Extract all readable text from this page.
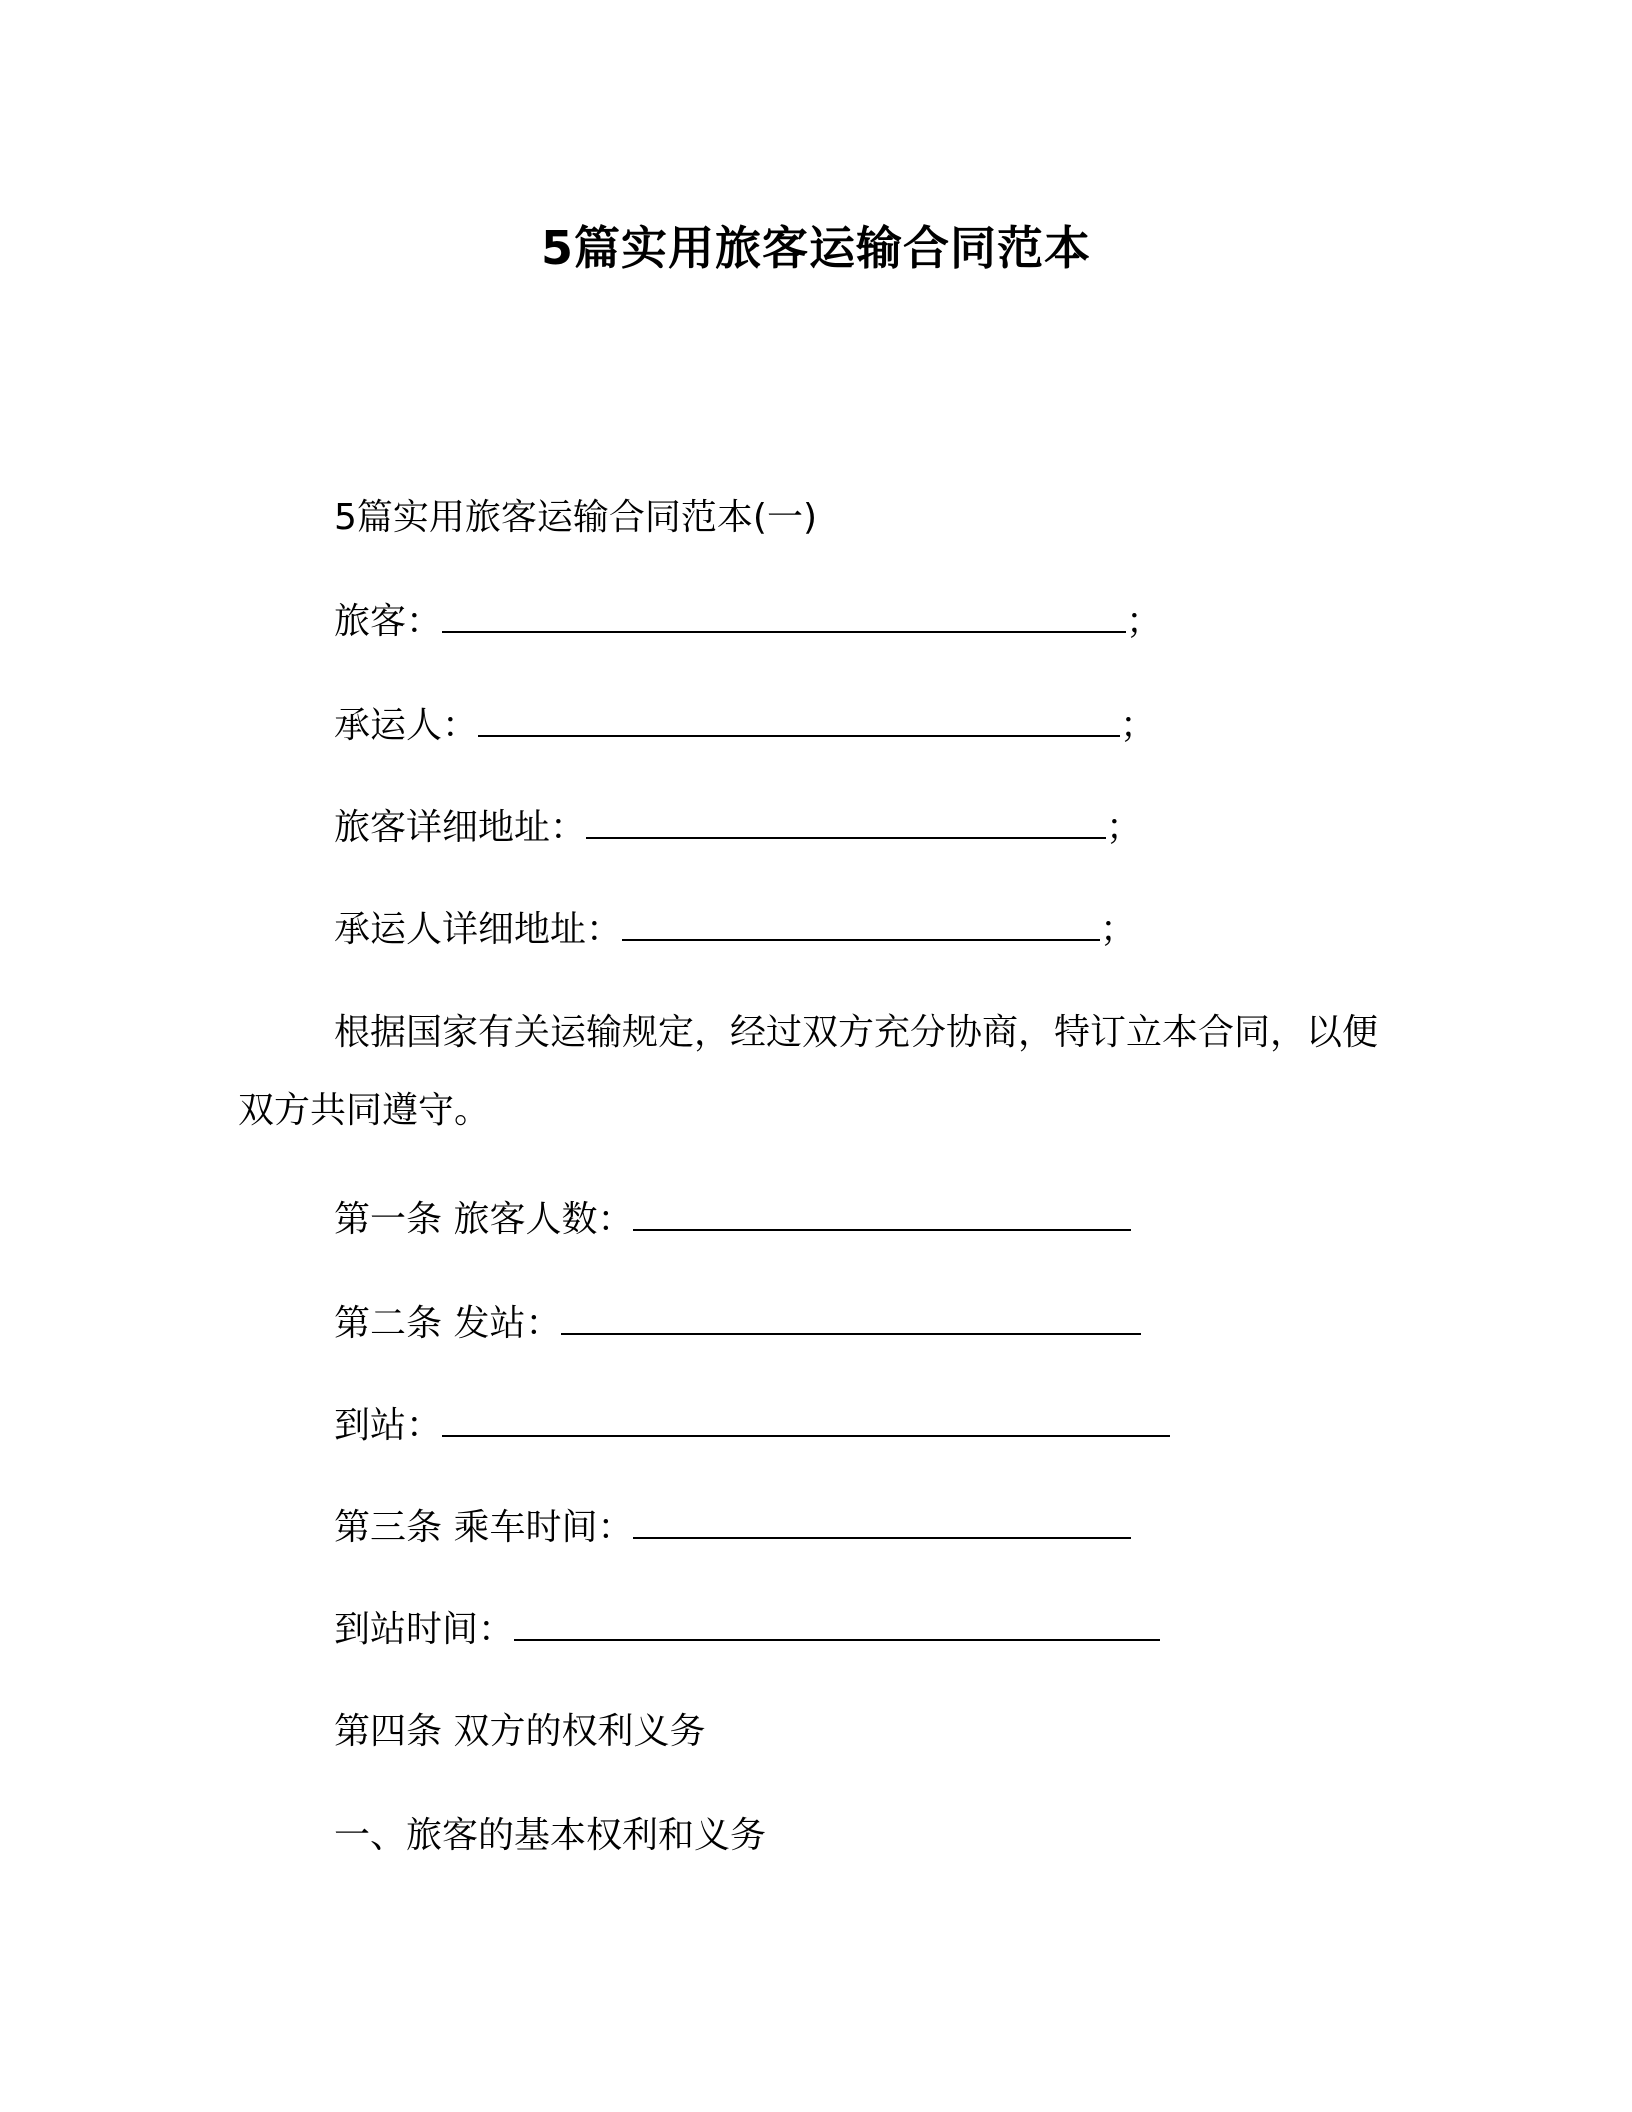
5篇实用旅客运输合同范本
5篇实用旅客运输合同范本(一)
旅客：	；
承运人：	；
旅客详细地址：	；
承运人详细地址：	；
根据国家有关运输规定，经过双方充分协商，特订立本合同，以便双方共同遵守。
第一条 旅客人数：
第二条 发站：
到站：
第三条 乘车时间：
到站时间：
第四条 双方的权利义务
一、旅客的基本权利和义务
